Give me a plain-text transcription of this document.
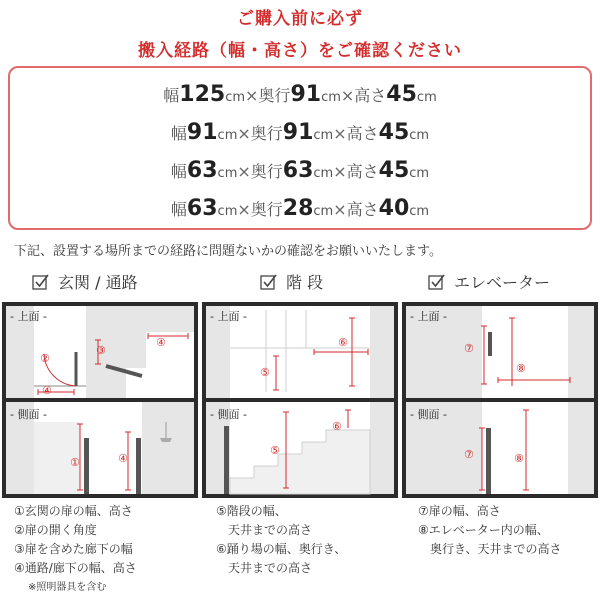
ご購入前に必ず
搬入経路（幅・高さ）をご確認ください
幅125cm×奥行91cm×高さ45cm
幅91cm×奥行91cm×高さ45cm
幅63cm×奥行63cm×高さ45cm
幅63cm×奥行28cm×高さ40cm
下記、設置する場所までの経路に問題ないかの確認をお願いいたします。
玄関 / 通路	階 段	エレベーター
- 上面 -
- 側面 -
②
③
④
④
①	④
- 上面 -
- 側面 -
⑤
⑥
⑤
⑥
- 上面 -
- 側面 -
⑦
⑧
⑦	⑧
①玄関の扉の幅、高さ
②扉の開く角度
③扉を含めた廊下の幅
④通路/廊下の幅、高さ
※照明器具を含む
⑤階段の幅、
　天井までの高さ
⑥踊り場の幅、奥行き、
　天井までの高さ
⑦扉の幅、高さ
⑧エレベーター内の幅、
　奥行き、天井までの高さ
